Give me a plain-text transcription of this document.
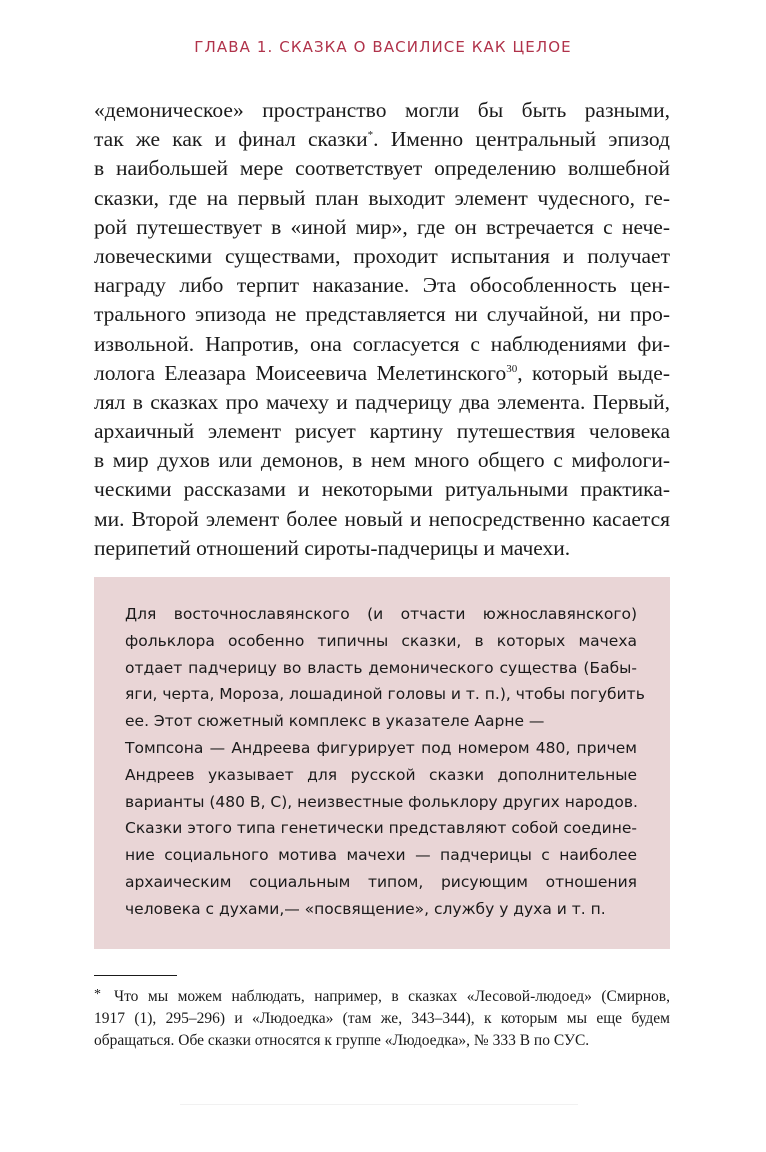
ГЛАВА 1. СКАЗКА О ВАСИЛИСЕ КАК ЦЕЛОЕ
«демоническое» пространство могли бы быть разными,
так же как и финал сказки*. Именно центральный эпизод
в наибольшей мере соответствует определению волшебной
сказки, где на первый план выходит элемент чудесного, ге-
рой путешествует в «иной мир», где он встречается с нече-
ловеческими существами, проходит испытания и получает
награду либо терпит наказание. Эта обособленность цен-
трального эпизода не представляется ни случайной, ни про-
извольной. Напротив, она согласуется с наблюдениями фи-
лолога Елеазара Моисеевича Мелетинского$^{30}$, который выде-
лял в сказках про мачеху и падчерицу два элемента. Первый,
архаичный элемент рисует картину путешествия человека
в мир духов или демонов, в нем много общего с мифологи-
ческими рассказами и некоторыми ритуальными практика-
ми. Второй элемент более новый и непосредственно касается
перипетий отношений сироты-падчерицы и мачехи.
Для восточнославянского (и отчасти южнославянского)
фольклора особенно типичны сказки, в которых мачеха
отдает падчерицу во власть демонического существа (Бабы-
яги, черта, Мороза, лошадиной головы и т. п.), чтобы погубить
ее. Этот сюжетный комплекс в указателе Аарне —
Томпсона — Андреева фигурирует под номером 480, причем
Андреев указывает для русской сказки дополнительные
варианты (480 В, С), неизвестные фольклору других народов.
Сказки этого типа генетически представляют собой соедине-
ние социального мотива мачехи — падчерицы с наиболее
архаическим социальным типом, рисующим отношения
человека с духами,— «посвящение», службу у духа и т. п.
* Что мы можем наблюдать, например, в сказках «Лесовой-людоед» (Смирнов,
1917 (1), 295–296) и «Людоедка» (там же, 343–344), к которым мы еще будем
обращаться. Обе сказки относятся к группе «Людоедка», № 333 В по СУС.
